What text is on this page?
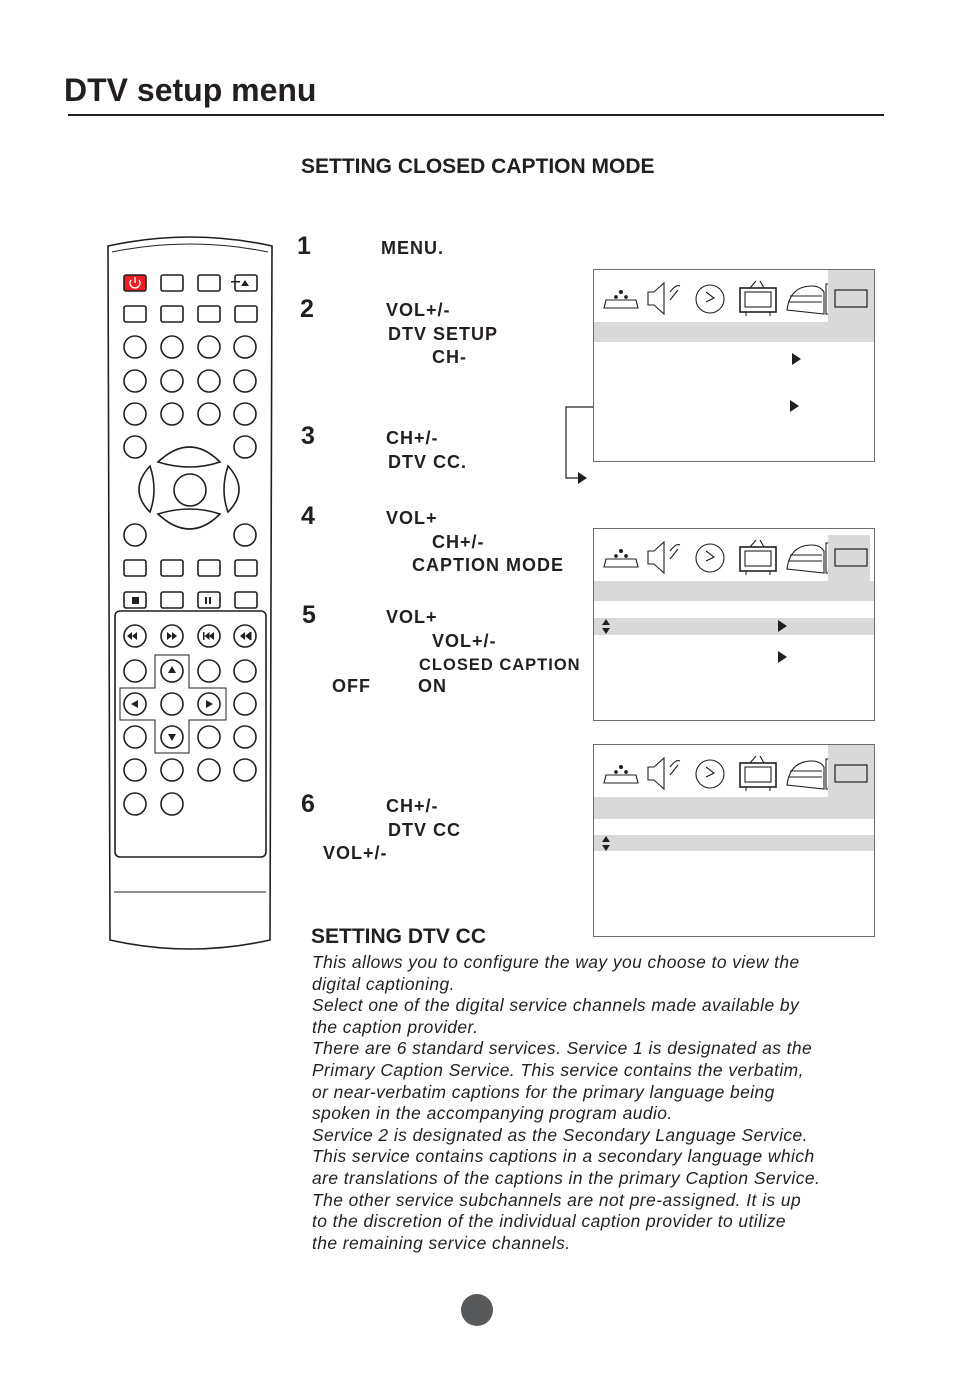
DTV setup menu
SETTING CLOSED CAPTION MODE
1	MENU.
2	VOL+/-
DTV SETUP
CH-
3	CH+/-
DTV CC.
4	VOL+
CH+/-
CAPTION MODE
5	VOL+
VOL+/-
CLOSED CAPTION
OFF	ON
6	CH+/-
DTV CC
VOL+/-
SETTING DTV CC
This allows you to configure the way you choose to view the
digital captioning.
Select one of the digital service channels made available by
the caption provider.
There are 6 standard services. Service 1 is designated as the
Primary Caption Service. This service contains the verbatim,
or near-verbatim captions for the primary language being
spoken in the accompanying program audio.
Service 2 is designated as the Secondary Language Service.
This service contains captions in a secondary language which
are translations of the captions in the primary Caption Service.
The other service subchannels are not pre-assigned. It is up
to the discretion of the individual caption provider to utilize
the remaining service channels.
